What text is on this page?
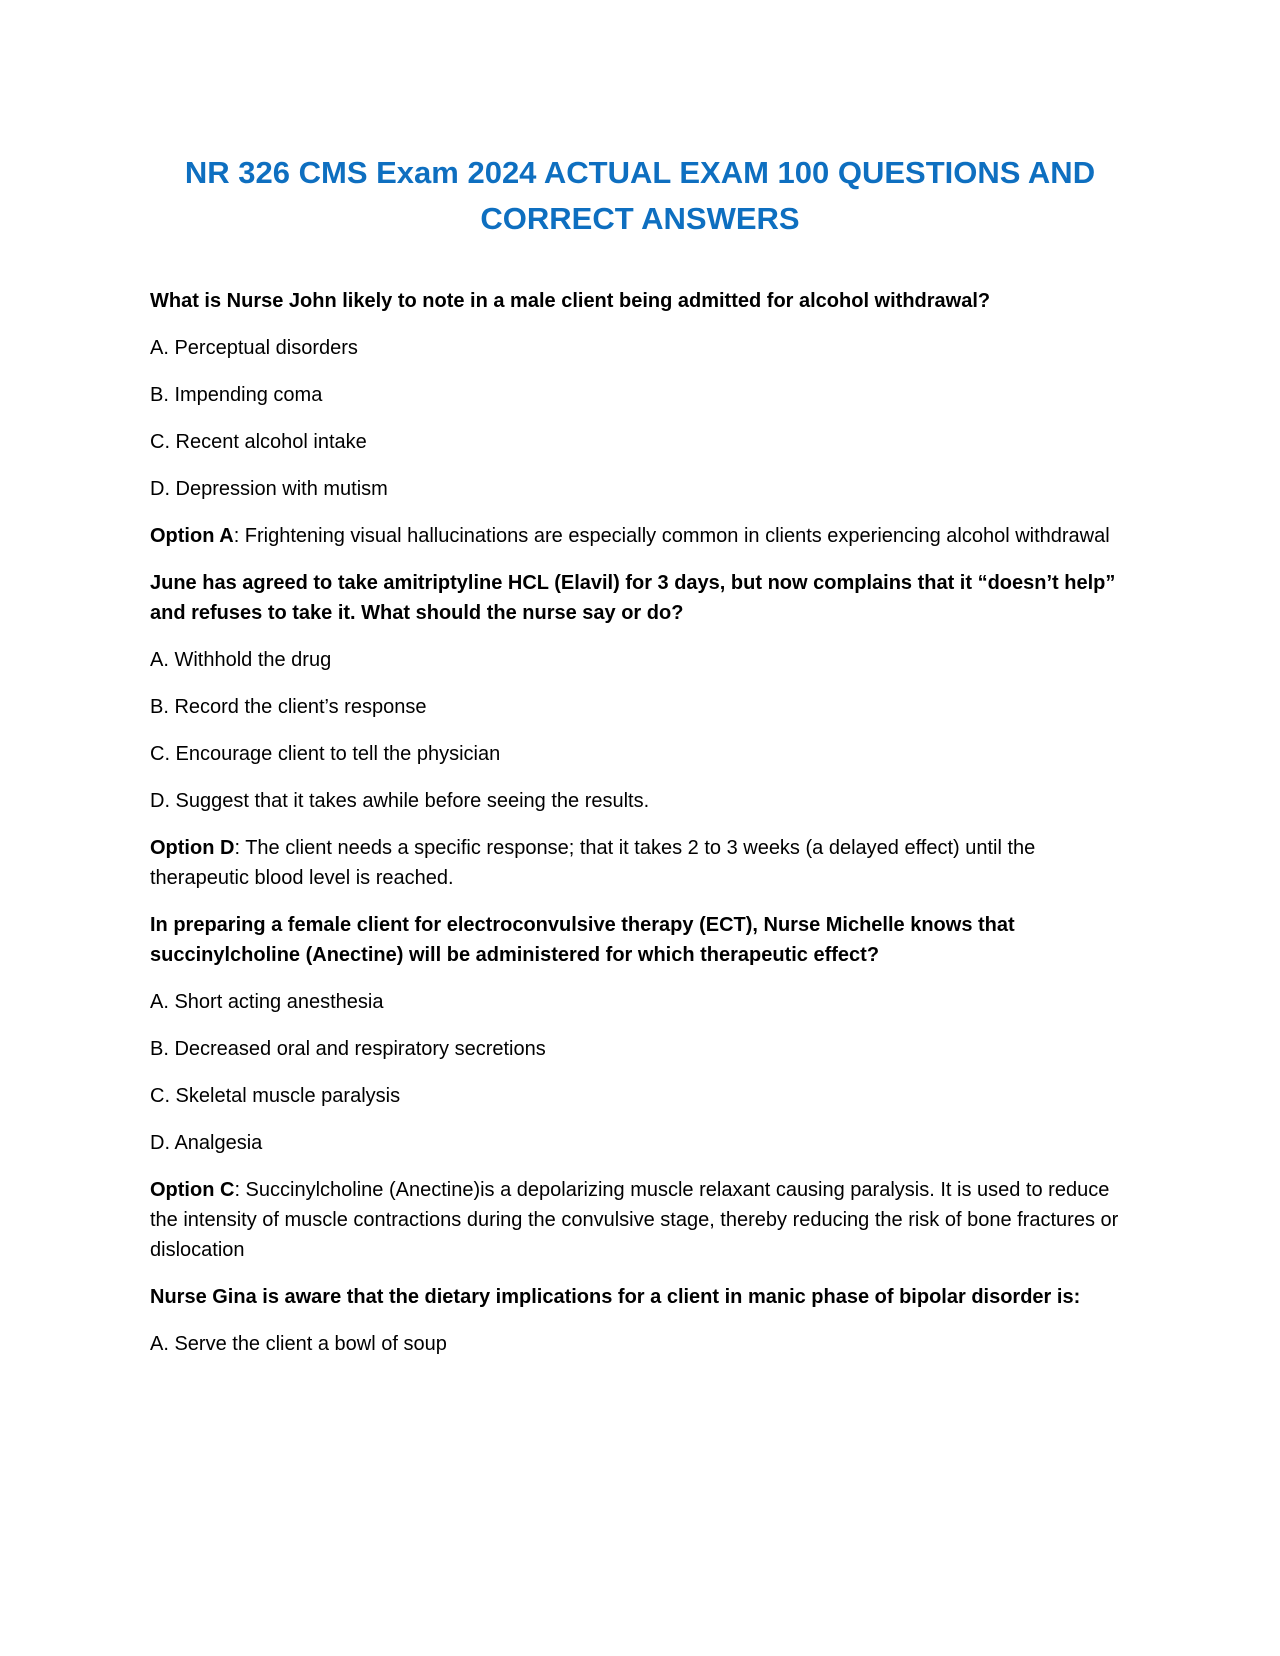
NR 326 CMS Exam 2024 ACTUAL EXAM 100 QUESTIONS AND CORRECT ANSWERS

What is Nurse John likely to note in a male client being admitted for alcohol withdrawal?

A. Perceptual disorders

B. Impending coma

C. Recent alcohol intake

D. Depression with mutism

Option A: Frightening visual hallucinations are especially common in clients experiencing alcohol withdrawal

June has agreed to take amitriptyline HCL (Elavil) for 3 days, but now complains that it “doesn’t help” and refuses to take it. What should the nurse say or do?

A. Withhold the drug

B. Record the client’s response

C. Encourage client to tell the physician

D. Suggest that it takes awhile before seeing the results.

Option D: The client needs a specific response; that it takes 2 to 3 weeks (a delayed effect) until the therapeutic blood level is reached.

In preparing a female client for electroconvulsive therapy (ECT), Nurse Michelle knows that succinylcholine (Anectine) will be administered for which therapeutic effect?

A. Short acting anesthesia

B. Decreased oral and respiratory secretions

C. Skeletal muscle paralysis

D. Analgesia

Option C: Succinylcholine (Anectine)is a depolarizing muscle relaxant causing paralysis. It is used to reduce the intensity of muscle contractions during the convulsive stage, thereby reducing the risk of bone fractures or dislocation

Nurse Gina is aware that the dietary implications for a client in manic phase of bipolar disorder is:

A. Serve the client a bowl of soup
